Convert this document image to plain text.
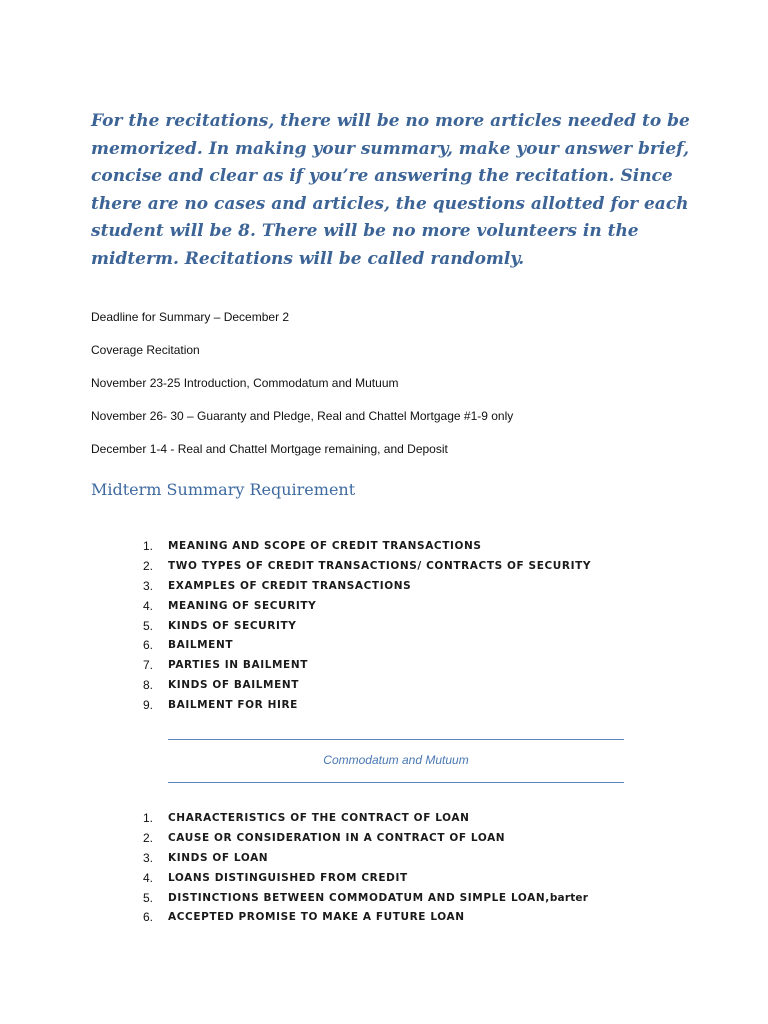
For the recitations, there will be no more articles needed to be memorized. In making your summary, make your answer brief, concise and clear as if you’re answering the recitation. Since there are no cases and articles, the questions allotted for each student will be 8. There will be no more volunteers in the midterm. Recitations will be called randomly.

Deadline for Summary – December 2

Coverage Recitation

November 23-25 Introduction, Commodatum and Mutuum

November 26- 30 – Guaranty and Pledge, Real and Chattel Mortgage #1-9 only

December 1-4 - Real and Chattel Mortgage remaining, and Deposit

Midterm Summary Requirement
1.	MEANING AND SCOPE OF CREDIT TRANSACTIONS
2.	TWO TYPES OF CREDIT TRANSACTIONS/ CONTRACTS OF SECURITY
3.	EXAMPLES OF CREDIT TRANSACTIONS
4.	MEANING OF SECURITY
5.	KINDS OF SECURITY
6.	BAILMENT
7.	PARTIES IN BAILMENT
8.	KINDS OF BAILMENT
9.	BAILMENT FOR HIRE

Commodatum and Mutuum

1.	CHARACTERISTICS OF THE CONTRACT OF LOAN
2.	CAUSE OR CONSIDERATION IN A CONTRACT OF LOAN
3.	KINDS OF LOAN
4.	LOANS DISTINGUISHED FROM CREDIT
5.	DISTINCTIONS BETWEEN COMMODATUM AND SIMPLE LOAN, barter
6.	ACCEPTED PROMISE TO MAKE A FUTURE LOAN
